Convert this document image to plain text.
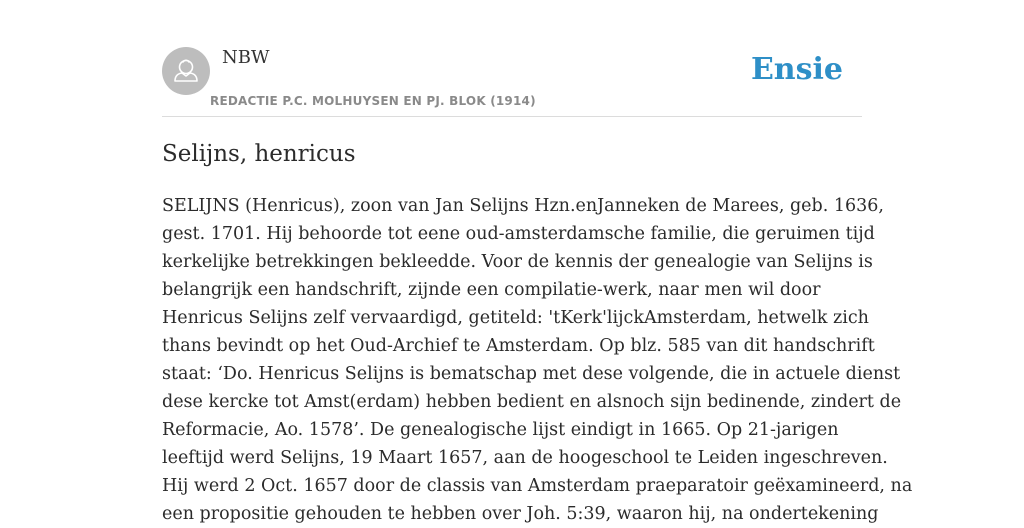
NBW
REDACTIE P.C. MOLHUYSEN EN PJ. BLOK (1914)
Ensie
Selijns, henricus
SELIJNS (Henricus), zoon van Jan Selijns Hzn.enJanneken de Marees, geb. 1636,
gest. 1701. Hij behoorde tot eene oud-amsterdamsche familie, die geruimen tijd
kerkelijke betrekkingen bekleedde. Voor de kennis der genealogie van Selijns is
belangrijk een handschrift, zijnde een compilatie-werk, naar men wil door
Henricus Selijns zelf vervaardigd, getiteld: 'tKerk'lijckAmsterdam, hetwelk zich
thans bevindt op het Oud-Archief te Amsterdam. Op blz. 585 van dit handschrift
staat: ‘Do. Henricus Selijns is bematschap met dese volgende, die in actuele dienst
dese kercke tot Amst(erdam) hebben bedient en alsnoch sijn bedinende, zindert de
Reformacie, Ao. 1578’. De genealogische lijst eindigt in 1665. Op 21-jarigen
leeftijd werd Selijns, 19 Maart 1657, aan de hoogeschool te Leiden ingeschreven.
Hij werd 2 Oct. 1657 door de classis van Amsterdam praeparatoir geëxamineerd, na
een propositie gehouden te hebben over Joh. 5:39, waaron hij, na ondertekening
